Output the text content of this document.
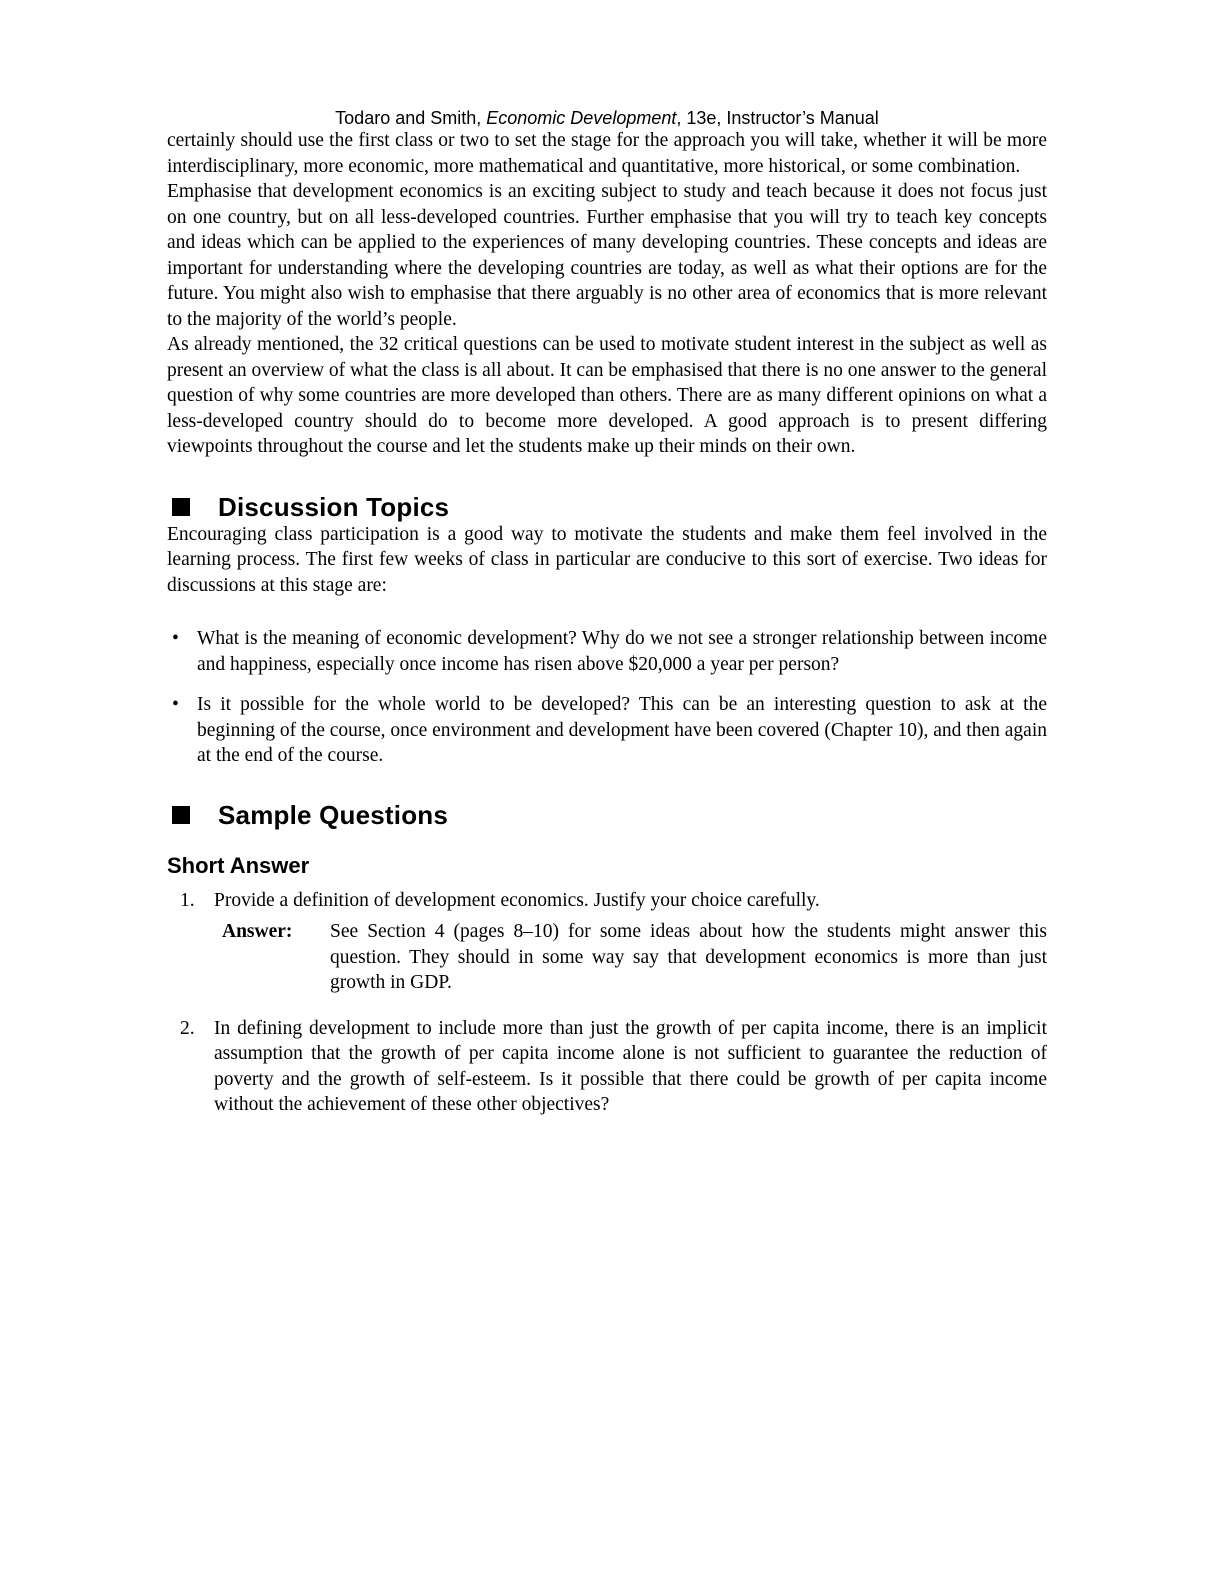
Todaro and Smith, Economic Development, 13e, Instructor’s Manual

certainly should use the first class or two to set the stage for the approach you will take, whether it will be more interdisciplinary, more economic, more mathematical and quantitative, more historical, or some combination.

Emphasise that development economics is an exciting subject to study and teach because it does not focus just on one country, but on all less-developed countries. Further emphasise that you will try to teach key concepts and ideas which can be applied to the experiences of many developing countries. These concepts and ideas are important for understanding where the developing countries are today, as well as what their options are for the future. You might also wish to emphasise that there arguably is no other area of economics that is more relevant to the majority of the world’s people.

As already mentioned, the 32 critical questions can be used to motivate student interest in the subject as well as present an overview of what the class is all about. It can be emphasised that there is no one answer to the general question of why some countries are more developed than others. There are as many different opinions on what a less-developed country should do to become more developed. A good approach is to present differing viewpoints throughout the course and let the students make up their minds on their own.

Discussion Topics

Encouraging class participation is a good way to motivate the students and make them feel involved in the learning process. The first few weeks of class in particular are conducive to this sort of exercise. Two ideas for discussions at this stage are:

• What is the meaning of economic development? Why do we not see a stronger relationship between income and happiness, especially once income has risen above $20,000 a year per person?
• Is it possible for the whole world to be developed? This can be an interesting question to ask at the beginning of the course, once environment and development have been covered (Chapter 10), and then again at the end of the course.
Sample Questions
Short Answer
1. Provide a definition of development economics. Justify your choice carefully.
Answer: See Section 4 (pages 8–10) for some ideas about how the students might answer this question. They should in some way say that development economics is more than just growth in GDP.
2. In defining development to include more than just the growth of per capita income, there is an implicit assumption that the growth of per capita income alone is not sufficient to guarantee the reduction of poverty and the growth of self-esteem. Is it possible that there could be growth of per capita income without the achievement of these other objectives?
